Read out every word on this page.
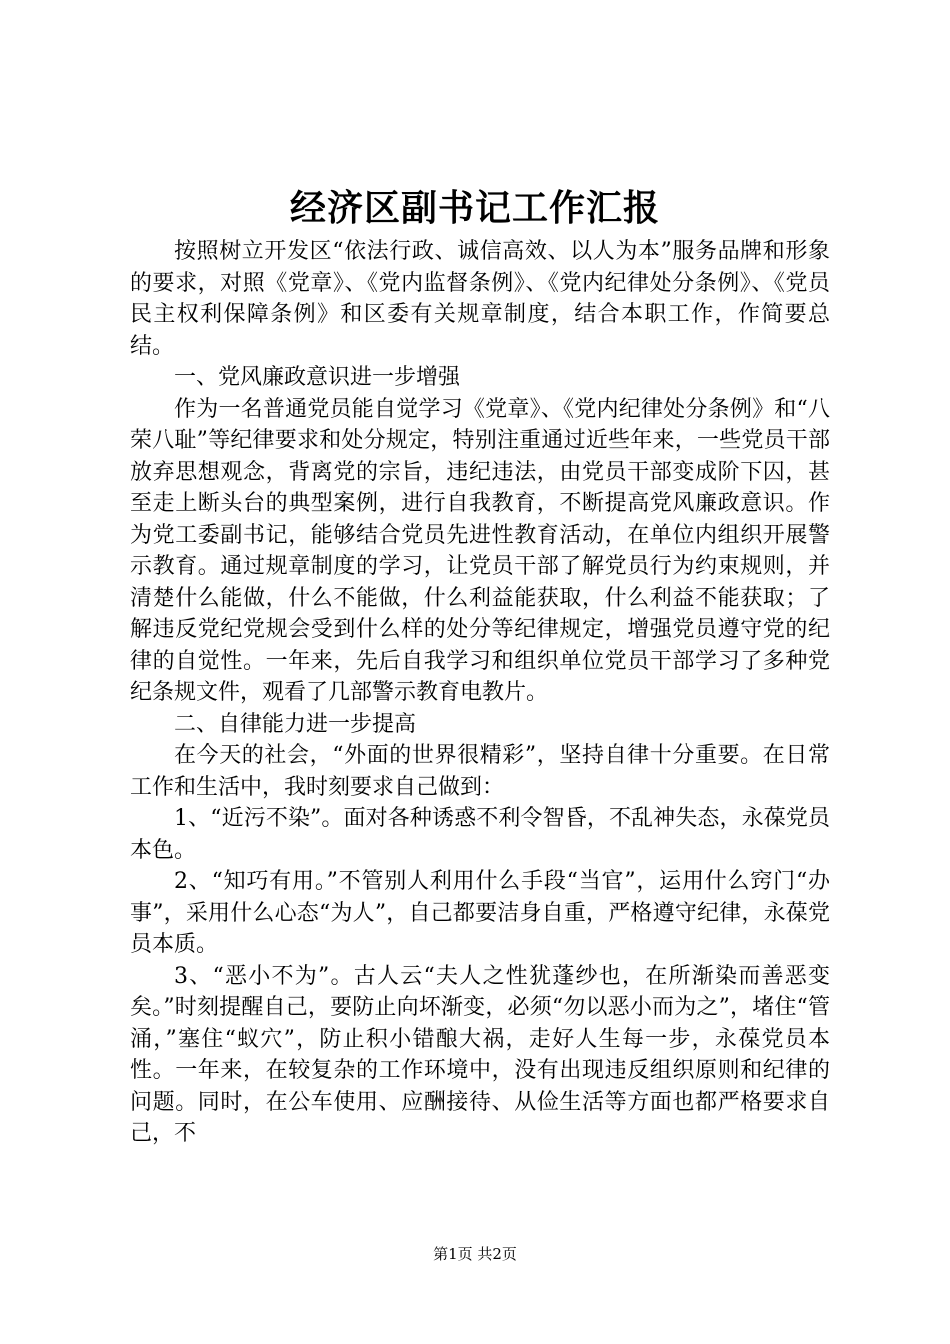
经济区副书记工作汇报

按照树立开发区“依法行政、诚信高效、以人为本”服务品牌和形象的要求，对照《党章》、《党内监督条例》、《党内纪律处分条例》、《党员民主权利保障条例》和区委有关规章制度，结合本职工作，作简要总结。

一、党风廉政意识进一步增强

作为一名普通党员能自觉学习《党章》、《党内纪律处分条例》和“八荣八耻”等纪律要求和处分规定，特别注重通过近些年来，一些党员干部放弃思想观念，背离党的宗旨，违纪违法，由党员干部变成阶下囚，甚至走上断头台的典型案例，进行自我教育，不断提高党风廉政意识。作为党工委副书记，能够结合党员先进性教育活动，在单位内组织开展警示教育。通过规章制度的学习，让党员干部了解党员行为约束规则，并清楚什么能做，什么不能做，什么利益能获取，什么利益不能获取；了解违反党纪党规会受到什么样的处分等纪律规定，增强党员遵守党的纪律的自觉性。一年来，先后自我学习和组织单位党员干部学习了多种党纪条规文件，观看了几部警示教育电教片。

二、自律能力进一步提高

在今天的社会，“外面的世界很精彩”，坚持自律十分重要。在日常工作和生活中，我时刻要求自己做到：

1、“近污不染”。面对各种诱惑不利令智昏，不乱神失态，永葆党员本色。

2、“知巧有用。”不管别人利用什么手段“当官”，运用什么窍门“办事”，采用什么心态“为人”，自己都要洁身自重，严格遵守纪律，永葆党员本质。

3、“恶小不为”。古人云“夫人之性犹蓬纱也，在所渐染而善恶变矣。”时刻提醒自己，要防止向坏渐变，必须“勿以恶小而为之”，堵住“管涌，”塞住“蚁穴”，防止积小错酿大祸，走好人生每一步，永葆党员本性。一年来，在较复杂的工作环境中，没有出现违反组织原则和纪律的问题。同时，在公车使用、应酬接待、从俭生活等方面也都严格要求自己，不

第1页 共2页
